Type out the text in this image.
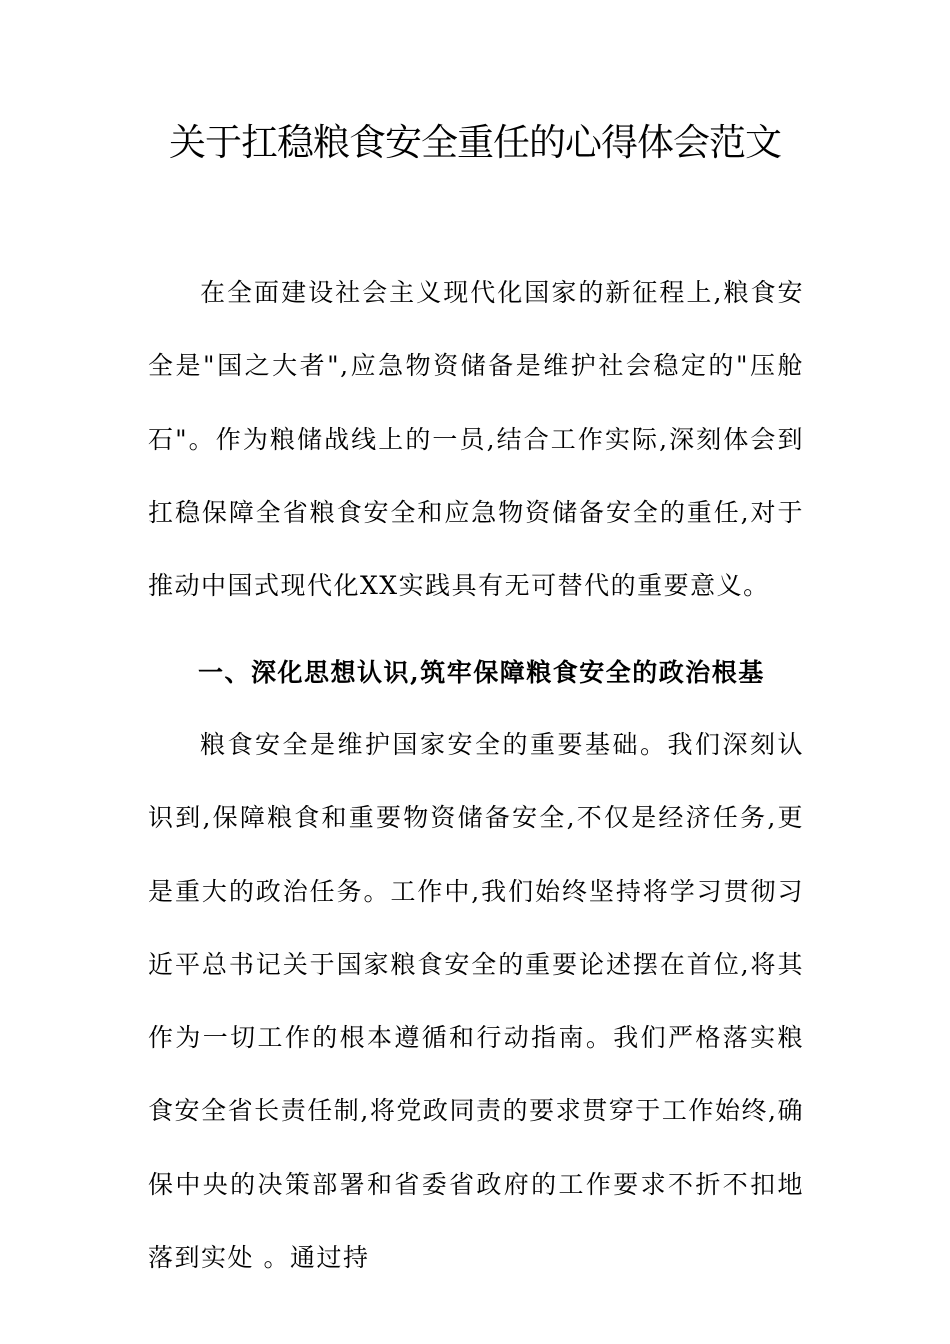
关于扛稳粮食安全重任的心得体会范文

在全面建设社会主义现代化国家的新征程上,粮食安全是"国之大者",应急物资储备是维护社会稳定的"压舱石"。作为粮储战线上的一员,结合工作实际,深刻体会到扛稳保障全省粮食安全和应急物资储备安全的重任,对于推动中国式现代化XX实践具有无可替代的重要意义。

一、深化思想认识,筑牢保障粮食安全的政治根基

粮食安全是维护国家安全的重要基础。我们深刻认识到,保障粮食和重要物资储备安全,不仅是经济任务,更是重大的政治任务。工作中,我们始终坚持将学习贯彻习近平总书记关于国家粮食安全的重要论述摆在首位,将其作为一切工作的根本遵循和行动指南。我们严格落实粮食安全省长责任制,将党政同责的要求贯穿于工作始终,确保中央的决策部署和省委省政府的工作要求不折不扣地落到实处 。通过持
